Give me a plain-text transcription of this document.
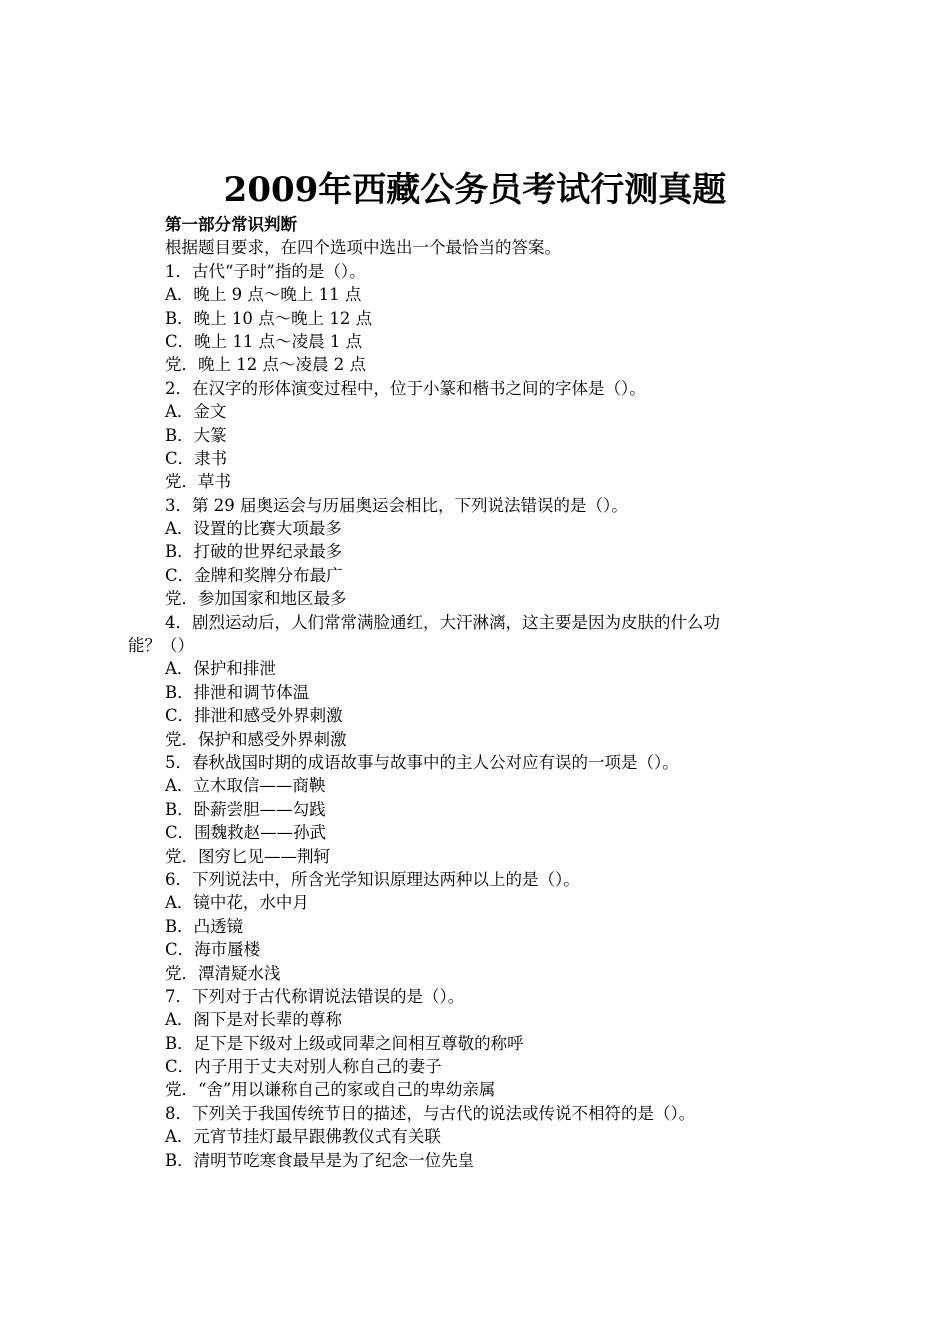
2009年西藏公务员考试行测真题
第一部分常识判断
根据题目要求，在四个选项中选出一个最恰当的答案。
1．古代“子时”指的是（）。
A．晚上 9 点～晚上 11 点
B．晚上 10 点～晚上 12 点
C．晚上 11 点～凌晨 1 点
党．晚上 12 点～凌晨 2 点
2．在汉字的形体演变过程中，位于小篆和楷书之间的字体是（）。
A．金文
B．大篆
C．隶书
党．草书
3．第 29 届奥运会与历届奥运会相比，下列说法错误的是（）。
A．设置的比赛大项最多
B．打破的世界纪录最多
C．金牌和奖牌分布最广
党．参加国家和地区最多
4．剧烈运动后，人们常常满脸通红，大汗淋漓，这主要是因为皮肤的什么功
能？（）
A．保护和排泄
B．排泄和调节体温
C．排泄和感受外界刺激
党．保护和感受外界刺激
5．春秋战国时期的成语故事与故事中的主人公对应有误的一项是（）。
A．立木取信——商鞅
B．卧薪尝胆——勾践
C．围魏救赵——孙武
党．图穷匕见——荆轲
6．下列说法中，所含光学知识原理达两种以上的是（）。
A．镜中花，水中月
B．凸透镜
C．海市蜃楼
党．潭清疑水浅
7．下列对于古代称谓说法错误的是（）。
A．阁下是对长辈的尊称
B．足下是下级对上级或同辈之间相互尊敬的称呼
C．内子用于丈夫对别人称自己的妻子
党．“舍”用以谦称自己的家或自己的卑幼亲属
8．下列关于我国传统节日的描述，与古代的说法或传说不相符的是（）。
A．元宵节挂灯最早跟佛教仪式有关联
B．清明节吃寒食最早是为了纪念一位先皇
